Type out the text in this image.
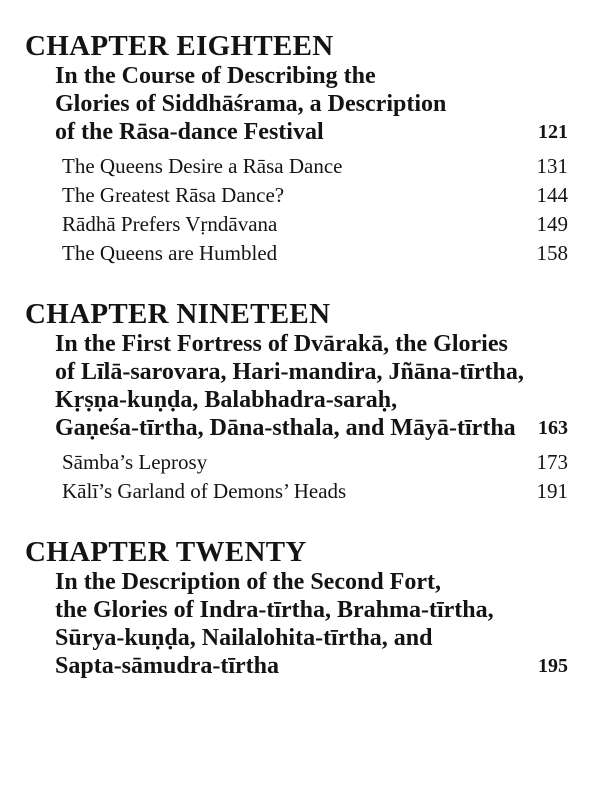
CHAPTER EIGHTEEN
In the Course of Describing the
Glories of Siddhāśrama, a Description
of the Rāsa-dance Festival	121
The Queens Desire a Rāsa Dance	131
The Greatest Rāsa Dance?	144
Rādhā Prefers Vṛndāvana	149
The Queens are Humbled	158
CHAPTER NINETEEN
In the First Fortress of Dvārakā, the Glories
of Līlā-sarovara, Hari-mandira, Jñāna-tīrtha,
Kṛṣṇa-kuṇḍa, Balabhadra-saraḥ,
Gaṇeśa-tīrtha, Dāna-sthala, and Māyā-tīrtha	163
Sāmba’s Leprosy	173
Kālī’s Garland of Demons’ Heads	191
CHAPTER TWENTY
In the Description of the Second Fort,
the Glories of Indra-tīrtha, Brahma-tīrtha,
Sūrya-kuṇḍa, Nailalohita-tīrtha, and
Sapta-sāmudra-tīrtha	195
